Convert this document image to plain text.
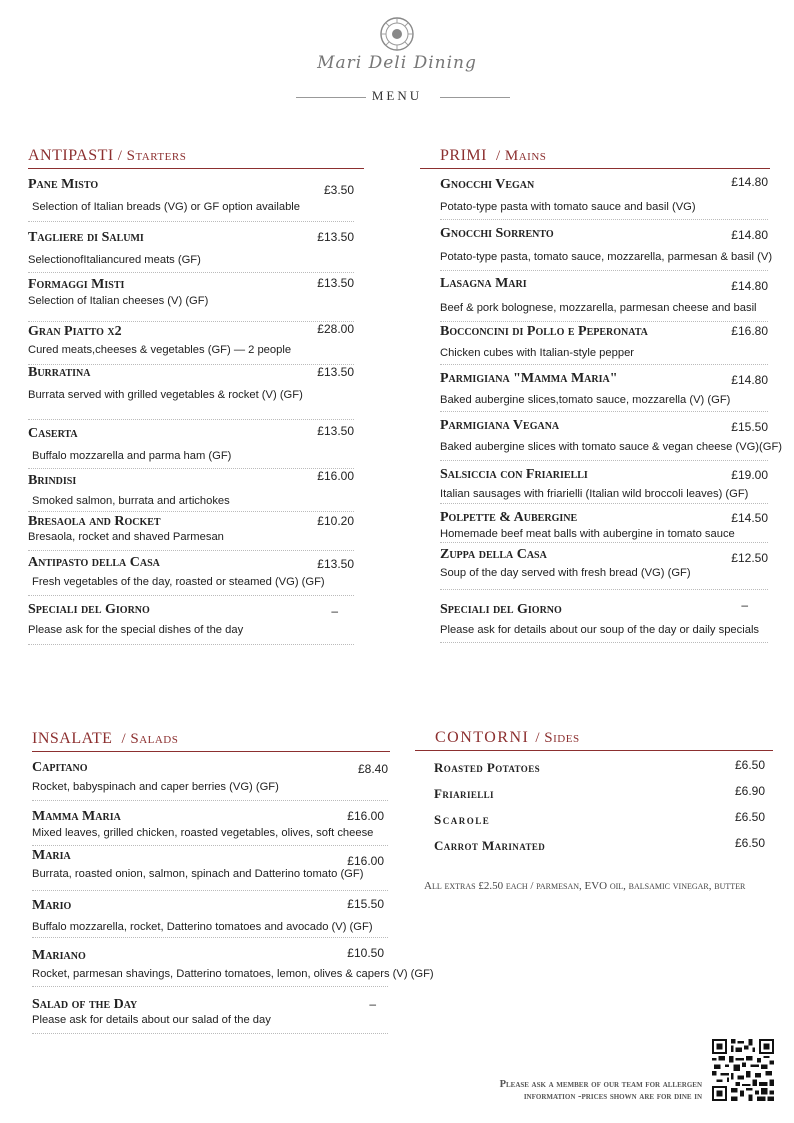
Mari Deli Dining
MENU
ANTIPASTI / Starters
Pane Misto	£3.50
Selection of Italian breads (VG) or GF option available
Tagliere di Salumi	£13.50
SelectionofItaliancured meats (GF)
Formaggi Misti	£13.50
Selection of Italian cheeses (V) (GF)
Gran Piatto x2	£28.00
Cured meats,cheeses & vegetables (GF) — 2 people
Burratina	£13.50
Burrata served with grilled vegetables & rocket (V) (GF)
Caserta	£13.50
Buffalo mozzarella and parma ham (GF)
Brindisi	£16.00
Smoked salmon, burrata and artichokes
Bresaola and Rocket	£10.20
Bresaola, rocket and shaved Parmesan
Antipasto della Casa	£13.50
Fresh vegetables of the day, roasted or steamed (VG) (GF)
Speciali del Giorno	–
Please ask for the special dishes of the day
PRIMI / Mains
Gnocchi Vegan	£14.80
Potato-type pasta with tomato sauce and basil (VG)
Gnocchi Sorrento	£14.80
Potato-type pasta, tomato sauce, mozzarella, parmesan & basil (V)
Lasagna Mari	£14.80
Beef & pork bolognese, mozzarella, parmesan cheese and basil
Bocconcini di Pollo e Peperonata	£16.80
Chicken cubes with Italian-style pepper
Parmigiana "Mamma Maria"	£14.80
Baked aubergine slices,tomato sauce, mozzarella (V) (GF)
Parmigiana Vegana	£15.50
Baked aubergine slices with tomato sauce & vegan cheese (VG)(GF)
Salsiccia con Friarielli	£19.00
Italian sausages with friarielli (Italian wild broccoli leaves) (GF)
Polpette & Aubergine	£14.50
Homemade beef meat balls with aubergine in tomato sauce
Zuppa della Casa	£12.50
Soup of the day served with fresh bread (VG) (GF)
Speciali del Giorno	–
Please ask for details about our soup of the day or daily specials
INSALATE / Salads
Capitano	£8.40
Rocket, babyspinach and caper berries (VG) (GF)
Mamma Maria	£16.00
Mixed leaves, grilled chicken, roasted vegetables, olives, soft cheese
Maria	£16.00
Burrata, roasted onion, salmon, spinach and Datterino tomato (GF)
Mario	£15.50
Buffalo mozzarella, rocket, Datterino tomatoes and avocado (V) (GF)
Mariano	£10.50
Rocket, parmesan shavings, Datterino tomatoes, lemon, olives & capers (V) (GF)
Salad of the Day	–
Please ask for details about our salad of the day
CONTORNI / Sides
Roasted Potatoes	£6.50
Friarielli	£6.90
Scarole	£6.50
Carrot Marinated	£6.50
All extras £2.50 each / parmesan, EVO oil, balsamic vinegar, butter
Please ask a member of our team for allergen
information -prices shown are for dine in
